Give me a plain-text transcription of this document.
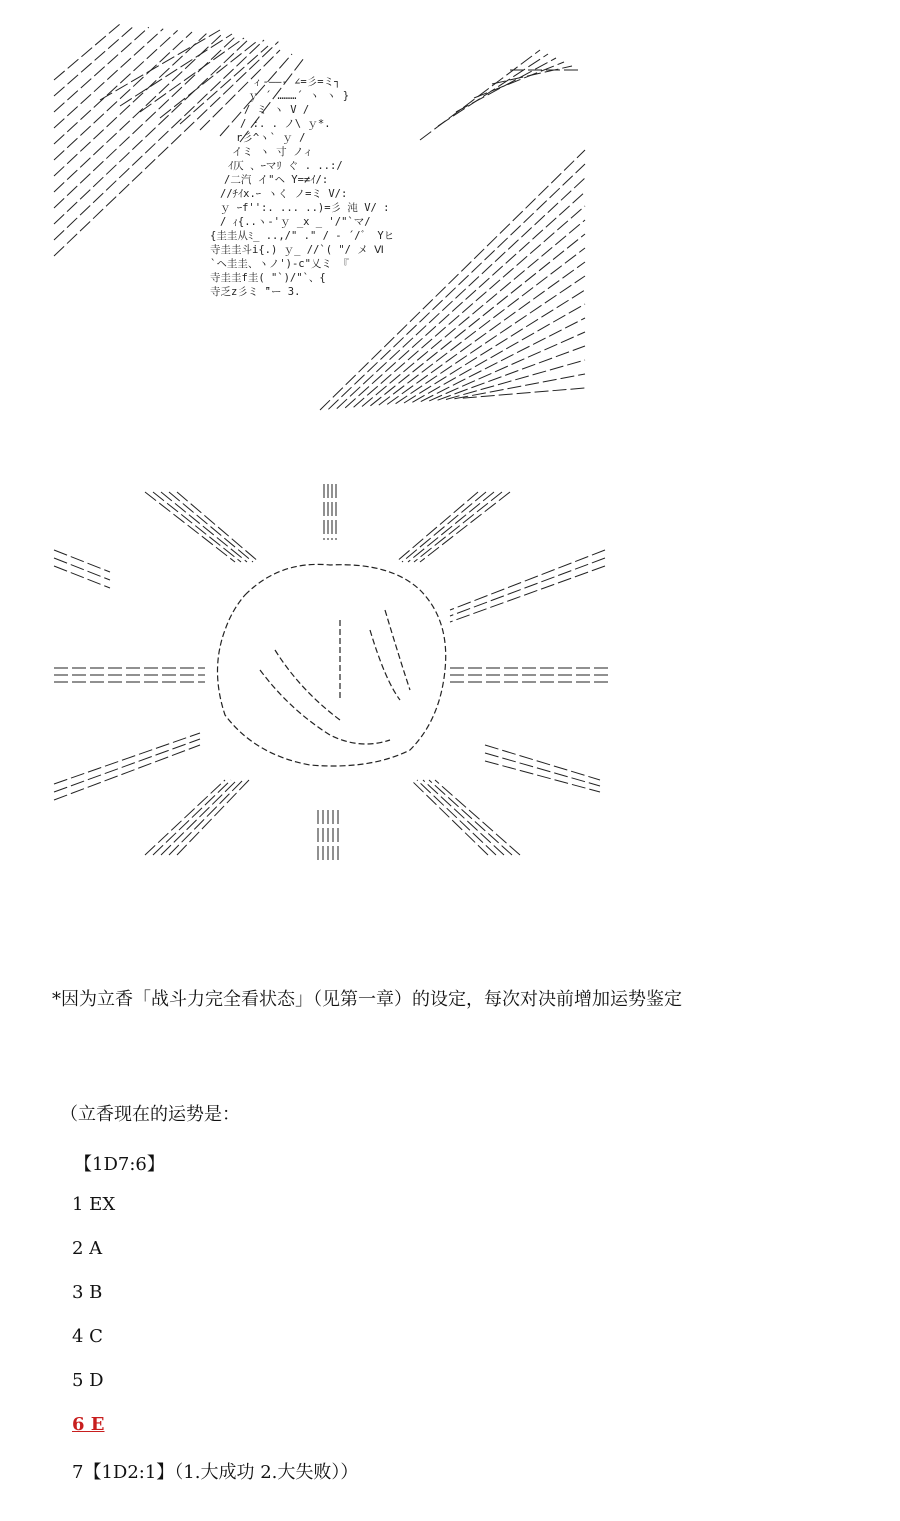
ィ‐――‐ ∠=彡=ミ┐
ｙ ´ ………´ ヽ ヽ }
/ ミ ヽ V /
/ :. . ノ\ ｙ*.
r彡^ヽ` ｙ /
イミ ヽ 寸 ノィ
ｲ仄 、ｰマﾘ ぐ . ..:/
/二汽 イ"ヘ Y=≠ｲ/:
//ﾁｲx.ｰ ヽく ノ=ミ V/:
ｙ ｰf'':. ... ..)=彡 沌 V/ :
/ ｨ{..ヽ-'ｙ _x _ '/"`マ/
{圭圭从ﾐ_ ..,/" ." / ‐ ´/゛ Yヒ
寺圭圭斗i{.) ｙ_ //`( "/ メ Ⅵ
`ヘ圭圭、ヽノ')-c"乂ミ 『
寺圭圭f圭( "`)/"`、{
寺乏z彡ミ ̄"ー 3.
*因为立香「战斗力完全看状态」（见第一章）的设定，每次对决前增加运势鉴定
（立香现在的运势是：
【1D7:6】
1 EX
2 A
3 B
4 C
5 D
6 E
7【1D2:1】（1.大成功 2.大失败））
